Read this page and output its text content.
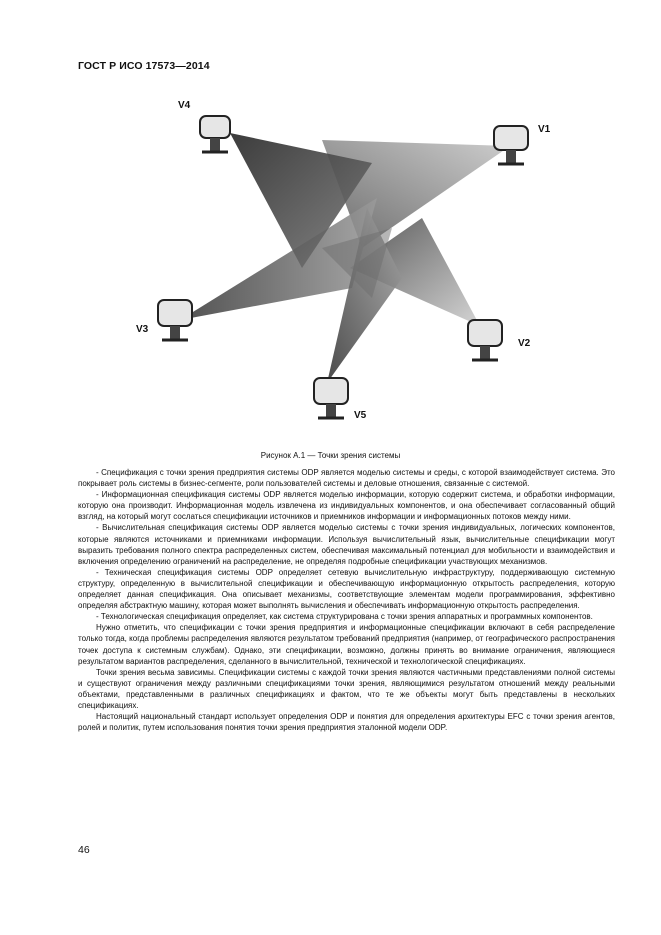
ГОСТ Р ИСО 17573—2014
V4
V1
V3
V2
V5
Рисунок А.1 — Точки зрения системы

- Спецификация с точки зрения предприятия системы ODP является моделью системы и среды, с которой взаимодействует система. Это покрывает роль системы в бизнес-сегменте, роли пользователей системы и деловые отношения, связанные с системой.

- Информационная спецификация системы ODP является моделью информации, которую содержит система, и обработки информации, которую она производит. Информационная модель извлечена из индивидуальных компонентов, и она обеспечивает согласованный общий взгляд, на который могут сослаться спецификации источников и приемников информации и информационных потоков между ними.

- Вычислительная спецификация системы ODP является моделью системы с точки зрения индивидуальных, логических компонентов, которые являются источниками и приемниками информации. Используя вычислительный язык, вычислительные спецификации могут выразить требования полного спектра распределенных систем, обеспечивая максимальный потенциал для мобильности и взаимодействия и включения определению ограничений на распределение, не определяя подробные спецификации участвующих механизмов.

- Техническая спецификация системы ODP определяет сетевую вычислительную инфраструктуру, поддерживающую системную структуру, определенную в вычислительной спецификации и обеспечивающую информационную открытость распределения, которую определяет данная спецификация. Она описывает механизмы, соответствующие элементам модели программирования, эффективно определяя абстрактную машину, которая может выполнять вычисления и обеспечивать информационную открытость распределения.

- Технологическая спецификация определяет, как система структурирована с точки зрения аппаратных и программных компонентов.

Нужно отметить, что спецификации с точки зрения предприятия и информационные спецификации включают в себя распределение только тогда, когда проблемы распределения являются результатом требований предприятия (например, от географического распространения точек доступа к системным службам). Однако, эти спецификации, возможно, должны принять во внимание ограничения, являющиеся результатом вариантов распределения, сделанного в вычислительной, технической и технологической спецификациях.

Точки зрения весьма зависимы. Спецификации системы с каждой точки зрения являются частичными представлениями полной системы и существуют ограничения между различными спецификациями точки зрения, являющимися результатом отношений между реальными объектами, представленными в различных спецификациях и фактом, что те же объекты могут быть представлены в нескольких спецификациях.

Настоящий национальный стандарт использует определения ODP и понятия для определения архитектуры EFC с точки зрения агентов, ролей и политик, путем использования понятия точки зрения предприятия эталонной модели ODP.

46
